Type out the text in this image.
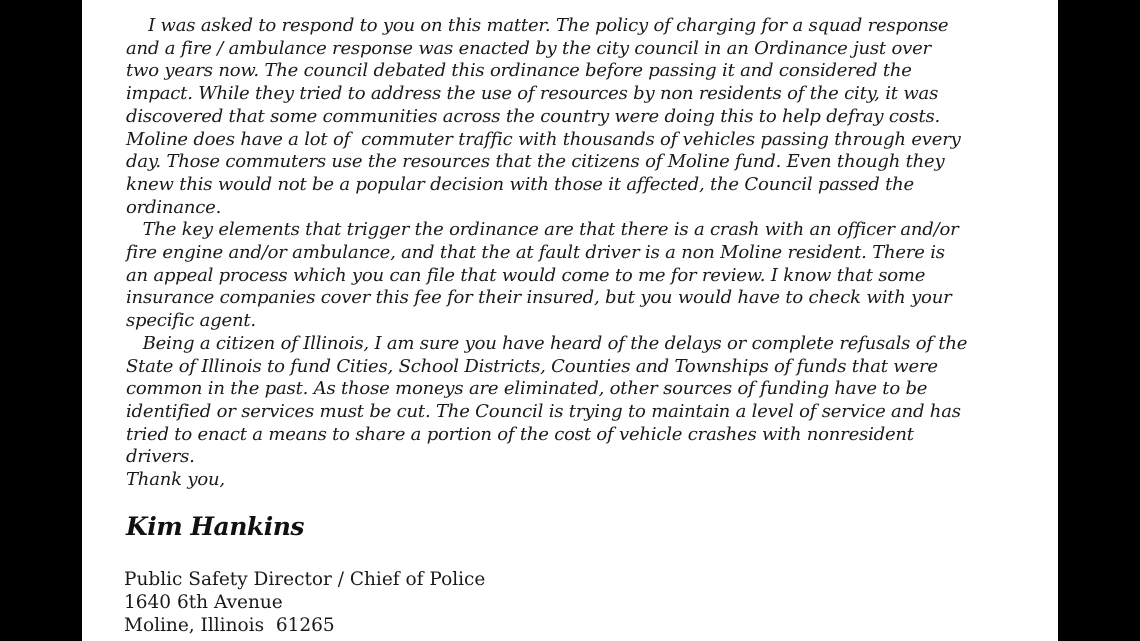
I was asked to respond to you on this matter. The policy of charging for a squad response
and a fire / ambulance response was enacted by the city council in an Ordinance just over
two years now. The council debated this ordinance before passing it and considered the
impact. While they tried to address the use of resources by non residents of the city, it was
discovered that some communities across the country were doing this to help defray costs.
Moline does have a lot of  commuter traffic with thousands of vehicles passing through every
day. Those commuters use the resources that the citizens of Moline fund. Even though they
knew this would not be a popular decision with those it affected, the Council passed the
ordinance.
The key elements that trigger the ordinance are that there is a crash with an officer and/or
fire engine and/or ambulance, and that the at fault driver is a non Moline resident. There is
an appeal process which you can file that would come to me for review. I know that some
insurance companies cover this fee for their insured, but you would have to check with your
specific agent.
Being a citizen of Illinois, I am sure you have heard of the delays or complete refusals of the
State of Illinois to fund Cities, School Districts, Counties and Townships of funds that were
common in the past. As those moneys are eliminated, other sources of funding have to be
identified or services must be cut. The Council is trying to maintain a level of service and has
tried to enact a means to share a portion of the cost of vehicle crashes with nonresident
drivers.
Thank you,
Kim Hankins
Public Safety Director / Chief of Police
1640 6th Avenue
Moline, Illinois  61265
